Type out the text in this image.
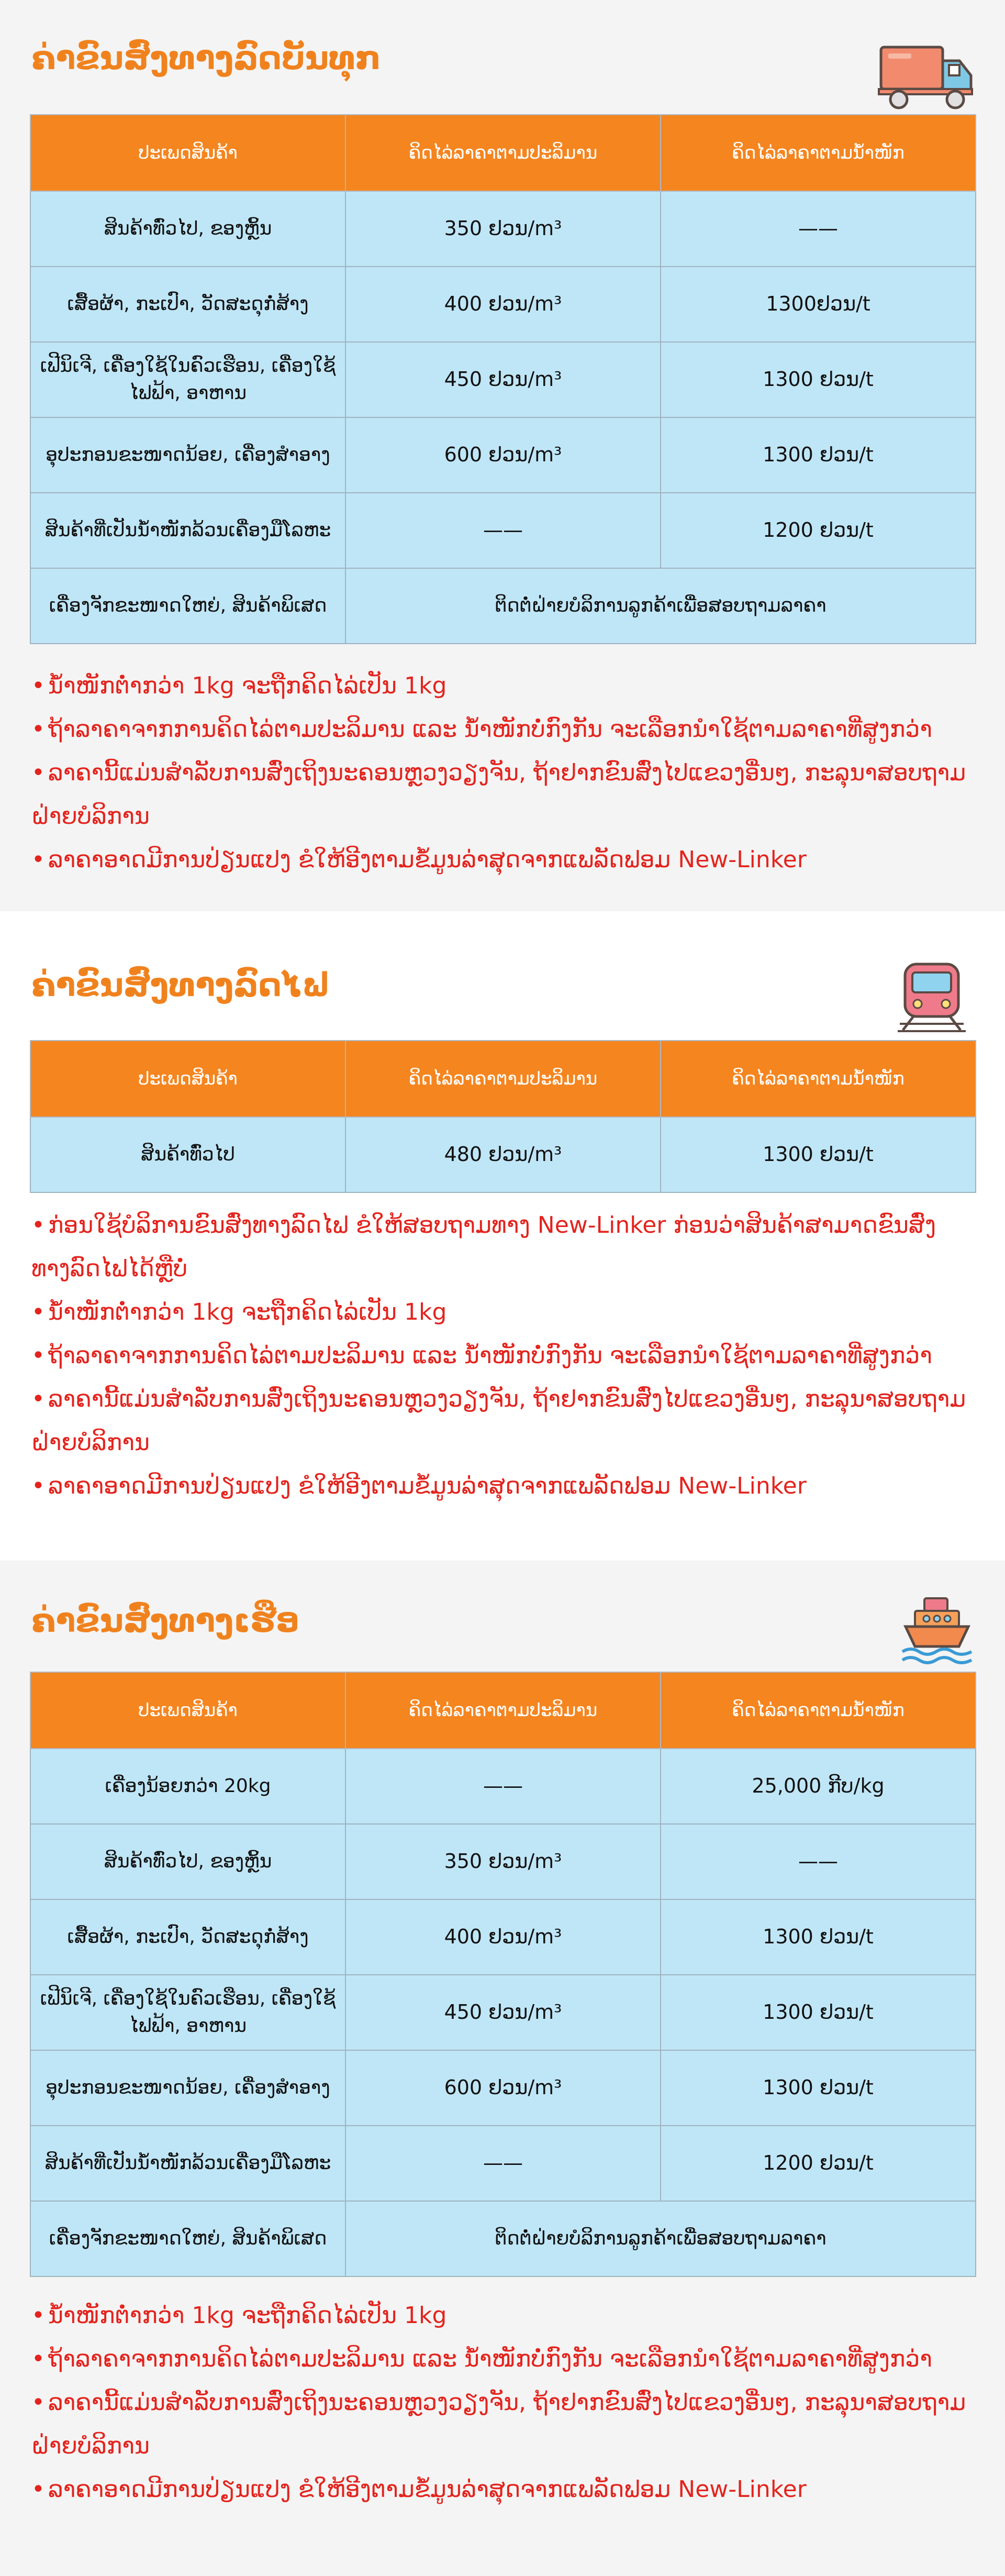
ຄ່າຂົນສົ່ງທາງລົດບັນທຸກ
ປະເພດສິນຄ້າ	ຄິດໄລ່ລາຄາຕາມປະລິມານ	ຄິດໄລ່ລາຄາຕາມນ້ຳໜັກ
ສິນຄ້າທົ່ວໄປ, ຂອງຫຼິ້ນ	350 ຢວນ/m³	——
ເສື້ອຜ້າ, ກະເປົາ, ວັດສະດຸກໍ່ສ້າງ	400 ຢວນ/m³	1300ຢວນ/t
ເຟີນິເຈີ, ເຄື່ອງໃຊ້ໃນຄົວເຮືອນ, ເຄື່ອງໃຊ້ໄຟຟ້າ, ອາຫານ	450 ຢວນ/m³	1300 ຢວນ/t
ອຸປະກອນຂະໜາດນ້ອຍ, ເຄື່ອງສຳອາງ	600 ຢວນ/m³	1300 ຢວນ/t
ສິນຄ້າທີ່ເປັນນ້ຳໜັກລ້ວນເຄື່ອງມືໂລຫະ	——	1200 ຢວນ/t
ເຄື່ອງຈັກຂະໜາດໃຫຍ່, ສິນຄ້າພິເສດ	ຕິດຕໍ່ຝ່າຍບໍລິການລູກຄ້າເພື່ອສອບຖາມລາຄາ	
• ນ້ຳໜັກຕໍ່າກວ່າ 1kg ຈະຖືກຄິດໄລ່ເປັນ 1kg
• ຖ້າລາຄາຈາກການຄິດໄລ່ຕາມປະລິມານ ແລະ ນ້ຳໜັກບໍ່ກົງກັນ ຈະເລືອກນຳໃຊ້ຕາມລາຄາທີ່ສູງກວ່າ
• ລາຄານີ້ແມ່ນສຳລັບການສົ່ງເຖິງນະຄອນຫຼວງວຽງຈັນ, ຖ້າຢາກຂົນສົ່ງໄປແຂວງອື່ນໆ, ກະລຸນາສອບຖາມຝ່າຍບໍລິການ
• ລາຄາອາດມີການປ່ຽນແປງ ຂໍໃຫ້ອີງຕາມຂໍ້ມູນລ່າສຸດຈາກແພລັດຟອມ New-Linker
ຄ່າຂົນສົ່ງທາງລົດໄຟ
ປະເພດສິນຄ້າ	ຄິດໄລ່ລາຄາຕາມປະລິມານ	ຄິດໄລ່ລາຄາຕາມນ້ຳໜັກ
ສິນຄ້າທົ່ວໄປ	480 ຢວນ/m³	1300 ຢວນ/t
• ກ່ອນໃຊ້ບໍລິການຂົນສົ່ງທາງລົດໄຟ ຂໍໃຫ້ສອບຖາມທາງ New-Linker ກ່ອນວ່າສິນຄ້າສາມາດຂົນສົ່ງທາງລົດໄຟໄດ້ຫຼືບໍ່
• ນ້ຳໜັກຕໍ່າກວ່າ 1kg ຈະຖືກຄິດໄລ່ເປັນ 1kg
• ຖ້າລາຄາຈາກການຄິດໄລ່ຕາມປະລິມານ ແລະ ນ້ຳໜັກບໍ່ກົງກັນ ຈະເລືອກນຳໃຊ້ຕາມລາຄາທີ່ສູງກວ່າ
• ລາຄານີ້ແມ່ນສຳລັບການສົ່ງເຖິງນະຄອນຫຼວງວຽງຈັນ, ຖ້າຢາກຂົນສົ່ງໄປແຂວງອື່ນໆ, ກະລຸນາສອບຖາມຝ່າຍບໍລິການ
• ລາຄາອາດມີການປ່ຽນແປງ ຂໍໃຫ້ອີງຕາມຂໍ້ມູນລ່າສຸດຈາກແພລັດຟອມ New-Linker
ຄ່າຂົນສົ່ງທາງເຮືອ
ປະເພດສິນຄ້າ	ຄິດໄລ່ລາຄາຕາມປະລິມານ	ຄິດໄລ່ລາຄາຕາມນ້ຳໜັກ
ເຄື່ອງນ້ອຍກວ່າ 20kg	——	25,000 ກີບ/kg
ສິນຄ້າທົ່ວໄປ, ຂອງຫຼິ້ນ	350 ຢວນ/m³	——
ເສື້ອຜ້າ, ກະເປົາ, ວັດສະດຸກໍ່ສ້າງ	400 ຢວນ/m³	1300 ຢວນ/t
ເຟີນິເຈີ, ເຄື່ອງໃຊ້ໃນຄົວເຮືອນ, ເຄື່ອງໃຊ້ໄຟຟ້າ, ອາຫານ	450 ຢວນ/m³	1300 ຢວນ/t
ອຸປະກອນຂະໜາດນ້ອຍ, ເຄື່ອງສຳອາງ	600 ຢວນ/m³	1300 ຢວນ/t
ສິນຄ້າທີ່ເປັນນ້ຳໜັກລ້ວນເຄື່ອງມືໂລຫະ	——	1200 ຢວນ/t
ເຄື່ອງຈັກຂະໜາດໃຫຍ່, ສິນຄ້າພິເສດ	ຕິດຕໍ່ຝ່າຍບໍລິການລູກຄ້າເພື່ອສອບຖາມລາຄາ	
• ນ້ຳໜັກຕໍ່າກວ່າ 1kg ຈະຖືກຄິດໄລ່ເປັນ 1kg
• ຖ້າລາຄາຈາກການຄິດໄລ່ຕາມປະລິມານ ແລະ ນ້ຳໜັກບໍ່ກົງກັນ ຈະເລືອກນຳໃຊ້ຕາມລາຄາທີ່ສູງກວ່າ
• ລາຄານີ້ແມ່ນສຳລັບການສົ່ງເຖິງນະຄອນຫຼວງວຽງຈັນ, ຖ້າຢາກຂົນສົ່ງໄປແຂວງອື່ນໆ, ກະລຸນາສອບຖາມຝ່າຍບໍລິການ
• ລາຄາອາດມີການປ່ຽນແປງ ຂໍໃຫ້ອີງຕາມຂໍ້ມູນລ່າສຸດຈາກແພລັດຟອມ New-Linker
